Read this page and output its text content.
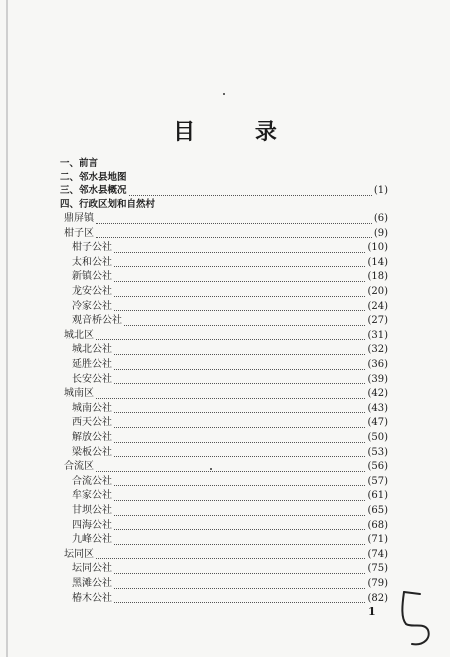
目 录
一、前言
二、邻水县地图
三、邻水县概况	(1)
四、行政区划和自然村
鼎屏镇	(6)
柑子区	(9)
柑子公社	(10)
太和公社	(14)
新镇公社	(18)
龙安公社	(20)
冷家公社	(24)
观音桥公社	(27)
城北区	(31)
城北公社	(32)
延胜公社	(36)
长安公社	(39)
城南区	(42)
城南公社	(43)
西天公社	(47)
解放公社	(50)
梁板公社	(53)
合流区	(56)
合流公社	(57)
牟家公社	(61)
甘坝公社	(65)
四海公社	(68)
九峰公社	(71)
坛同区	(74)
坛同公社	(75)
黑滩公社	(79)
椿木公社	(82)
1
